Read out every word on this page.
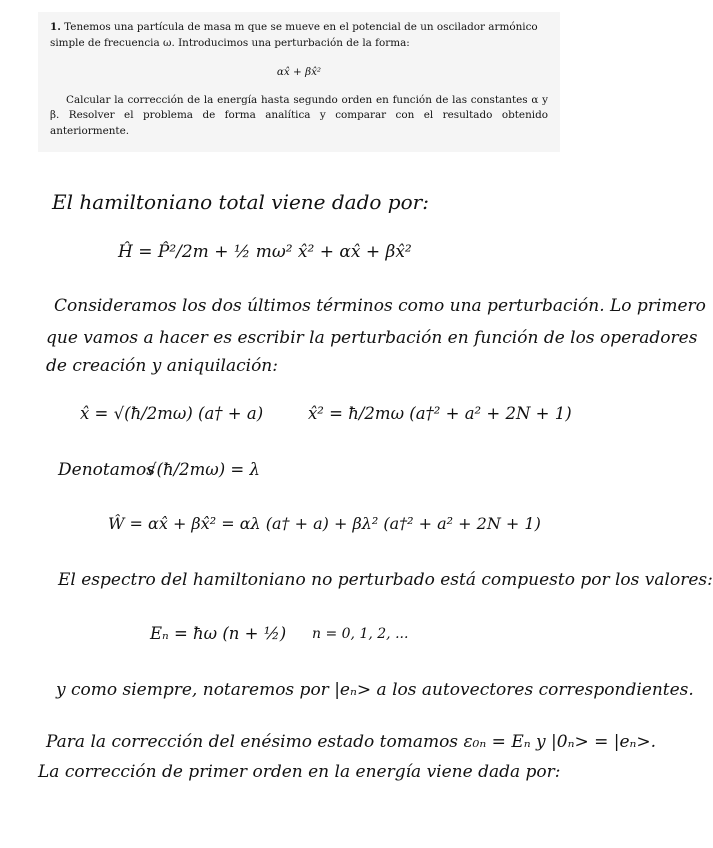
1. Tenemos una partícula de masa m que se mueve en el potencial de un oscilador armónico simple de frecuencia ω. Introducimos una perturbación de la forma:

αx̂ + βx̂²

Calcular la corrección de la energía hasta segundo orden en función de las constantes α y β. Resolver el problema de forma analítica y comparar con el resultado obtenido anteriormente.

El hamiltoniano total viene dado por:
Ĥ = P̂²/2m + ½ mω² x̂² + αx̂ + βx̂²
Consideramos los dos últimos términos como una perturbación. Lo primero
que vamos a hacer es escribir la perturbación en función de los operadores
de creación y aniquilación:
x̂ = √(ħ/2mω) (a† + a)	x̂² = ħ/2mω (a†² + a² + 2N + 1)
Denotamos
√(ħ/2mω) = λ
Ŵ = αx̂ + βx̂² = αλ (a† + a) + βλ² (a†² + a² + 2N + 1)
El espectro del hamiltoniano no perturbado está compuesto por los valores:
Eₙ = ħω (n + ½) n = 0, 1, 2, ...
y como siempre, notaremos por |eₙ> a los autovectores correspondientes.
Para la corrección del enésimo estado tomamos ε₀ₙ = Eₙ y |0ₙ> = |eₙ>.
La corrección de primer orden en la energía viene dada por:
